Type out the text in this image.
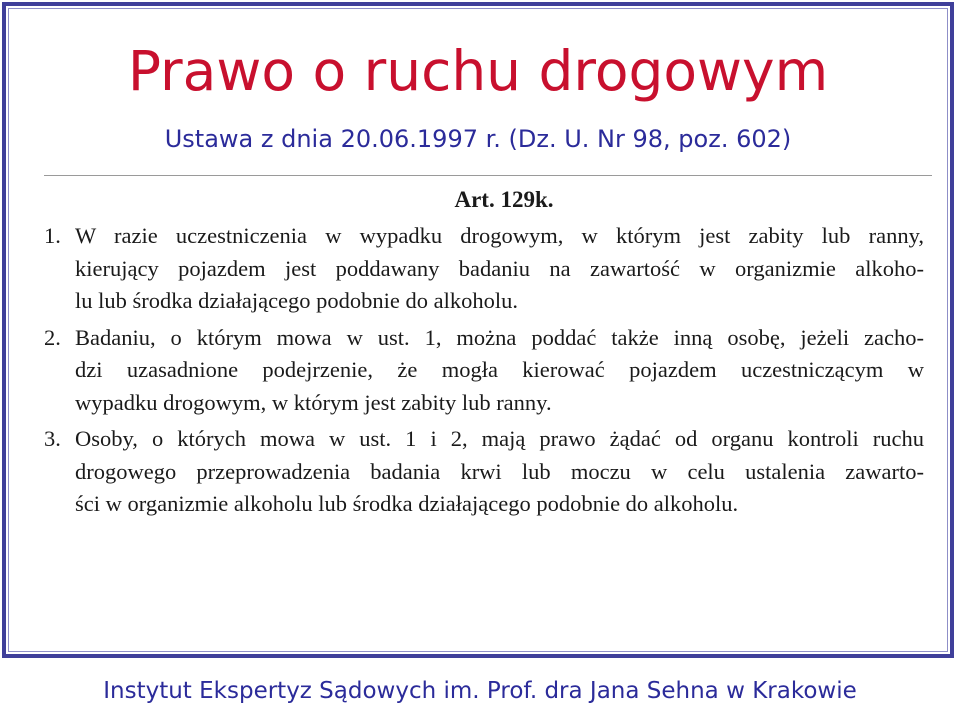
Prawo o ruchu drogowym
Ustawa z dnia 20.06.1997 r. (Dz. U. Nr 98, poz. 602)
Art. 129k.
1. W razie uczestniczenia w wypadku drogowym, w którym jest zabity lub ranny,
kierujący pojazdem jest poddawany badaniu na zawartość w organizmie alkoho-
lu lub środka działającego podobnie do alkoholu.
2. Badaniu, o którym mowa w ust. 1, można poddać także inną osobę, jeżeli zacho-
dzi uzasadnione podejrzenie, że mogła kierować pojazdem uczestniczącym w
wypadku drogowym, w którym jest zabity lub ranny.
3. Osoby, o których mowa w ust. 1 i 2, mają prawo żądać od organu kontroli ruchu
drogowego przeprowadzenia badania krwi lub moczu w celu ustalenia zawarto-
ści w organizmie alkoholu lub środka działającego podobnie do alkoholu.
Instytut Ekspertyz Sądowych im. Prof. dra Jana Sehna w Krakowie
